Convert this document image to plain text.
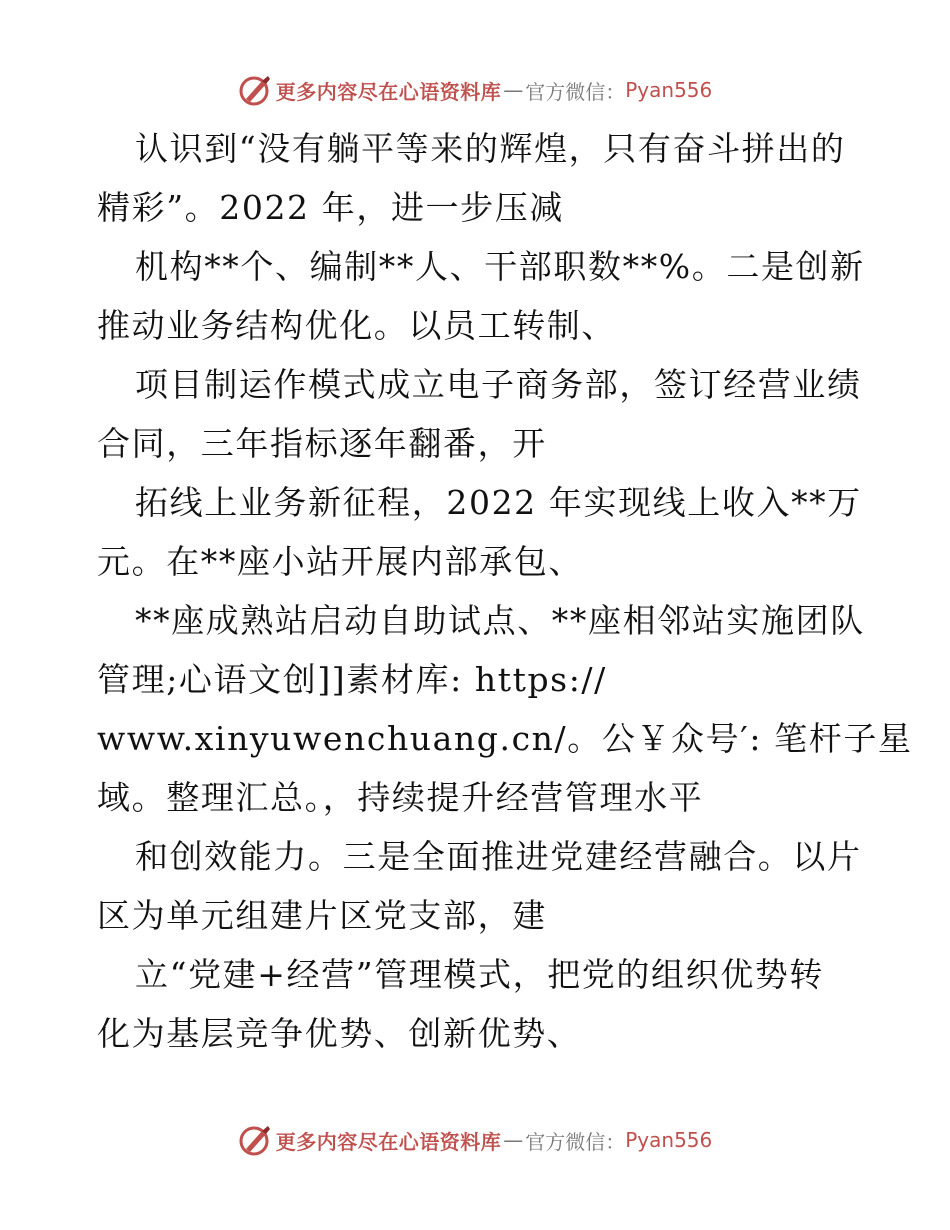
更多内容尽在心语资料库 — 官方微信： Pyan556

认识到“没有躺平等来的辉煌，只有奋斗拼出的
精彩”。2022 年，进一步压减

机构**个、编制**人、干部职数**%。二是创新
推动业务结构优化。以员工转制、

项目制运作模式成立电子商务部，签订经营业绩
合同，三年指标逐年翻番，开

拓线上业务新征程，2022 年实现线上收入**万
元。在**座小站开展内部承包、

**座成熟站启动自助试点、**座相邻站实施团队
管理;心语文创]]素材库: https://
www.xinyuwenchuang.cn/。公￥众号′: 笔杆子星
域。整理汇总。，持续提升经营管理水平

和创效能力。三是全面推进党建经营融合。以片
区为单元组建片区党支部，建

立“党建+经营”管理模式，把党的组织优势转
化为基层竞争优势、创新优势、

更多内容尽在心语资料库 — 官方微信： Pyan556
